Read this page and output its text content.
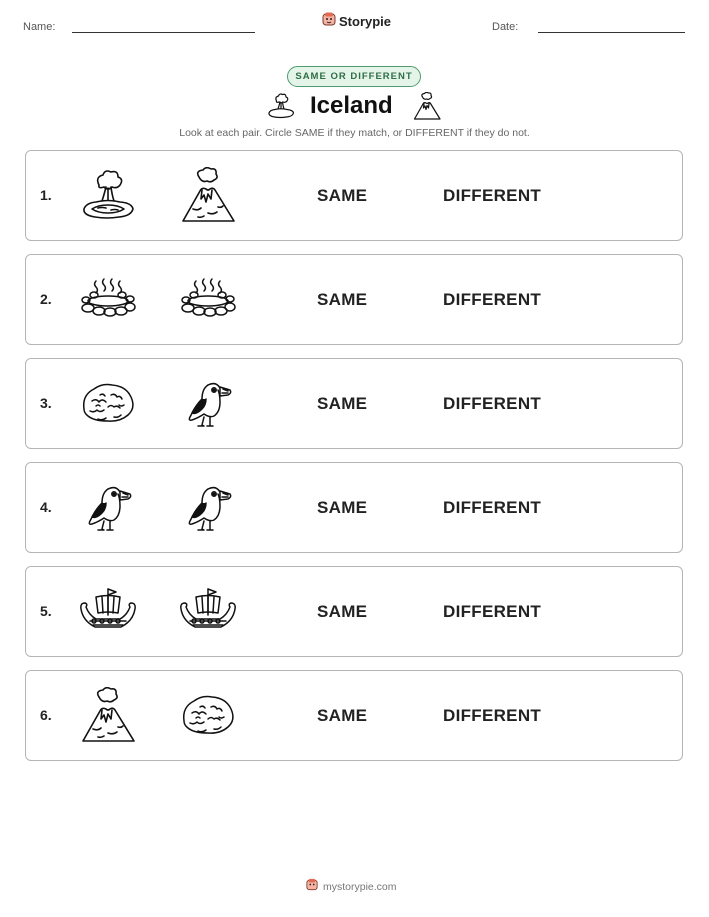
Name:	Storypie	Date:
SAME OR DIFFERENT
Iceland
Look at each pair. Circle SAME if they match, or DIFFERENT if they do not.
1.	SAME	DIFFERENT
2.	SAME	DIFFERENT
3.	SAME	DIFFERENT
4.	SAME	DIFFERENT
5.	SAME	DIFFERENT
6.	SAME	DIFFERENT
mystorypie.com
